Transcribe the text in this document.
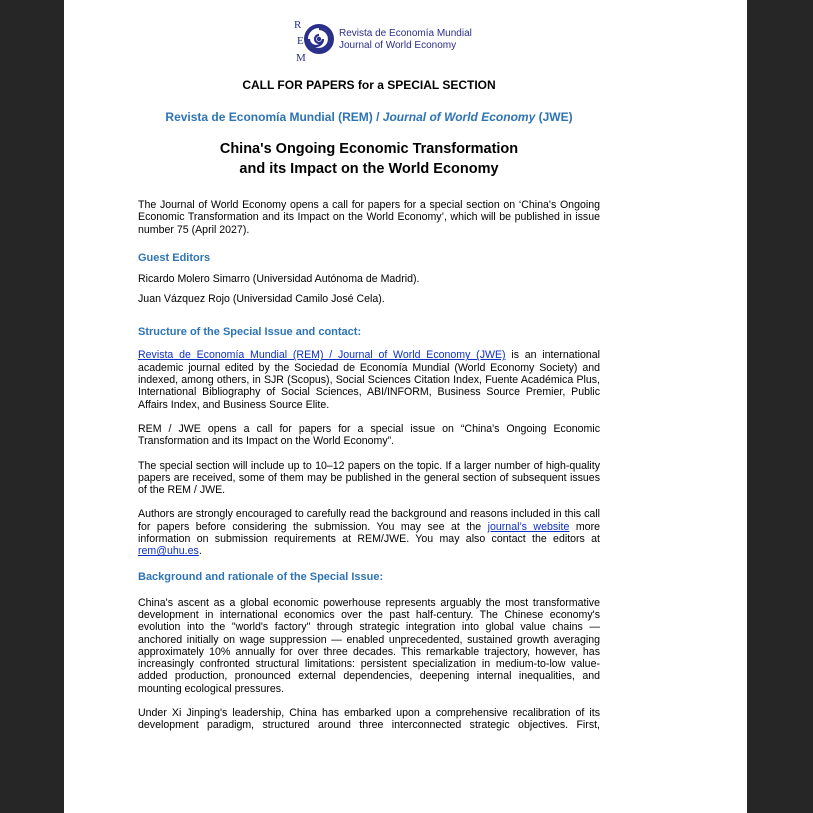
R
E
M
Revista de Economía Mundial
Journal of World Economy
CALL FOR PAPERS for a SPECIAL SECTION
Revista de Economía Mundial (REM) / Journal of World Economy (JWE)
China's Ongoing Economic Transformation
and its Impact on the World Economy

The Journal of World Economy opens a call for papers for a special section on ‘China's Ongoing Economic Transformation and its Impact on the World Economy’, which will be published in issue number 75 (April 2027).

Guest Editors

Ricardo Molero Simarro (Universidad Autónoma de Madrid).

Juan Vázquez Rojo (Universidad Camilo José Cela).

Structure of the Special Issue and contact:

Revista de Economía Mundial (REM) / Journal of World Economy (JWE) is an international academic journal edited by the Sociedad de Economía Mundial (World Economy Society) and indexed, among others, in SJR (Scopus), Social Sciences Citation Index, Fuente Académica Plus, International Bibliography of Social Sciences, ABI/INFORM, Business Source Premier, Public Affairs Index, and Business Source Elite.

REM / JWE opens a call for papers for a special issue on “China's Ongoing Economic Transformation and its Impact on the World Economy”.

The special section will include up to 10–12 papers on the topic. If a larger number of high-quality papers are received, some of them may be published in the general section of subsequent issues of the REM / JWE.

Authors are strongly encouraged to carefully read the background and reasons included in this call for papers before considering the submission. You may see at the journal’s website more information on submission requirements at REM/JWE. You may also contact the editors at rem@uhu.es.

Background and rationale of the Special Issue:

China's ascent as a global economic powerhouse represents arguably the most transformative development in international economics over the past half-century. The Chinese economy's evolution into the "world's factory" through strategic integration into global value chains — anchored initially on wage suppression — enabled unprecedented, sustained growth averaging approximately 10% annually for over three decades. This remarkable trajectory, however, has increasingly confronted structural limitations: persistent specialization in medium-to-low value-added production, pronounced external dependencies, deepening internal inequalities, and mounting ecological pressures.

Under Xi Jinping's leadership, China has embarked upon a comprehensive recalibration of its development paradigm, structured around three interconnected strategic objectives. First,
